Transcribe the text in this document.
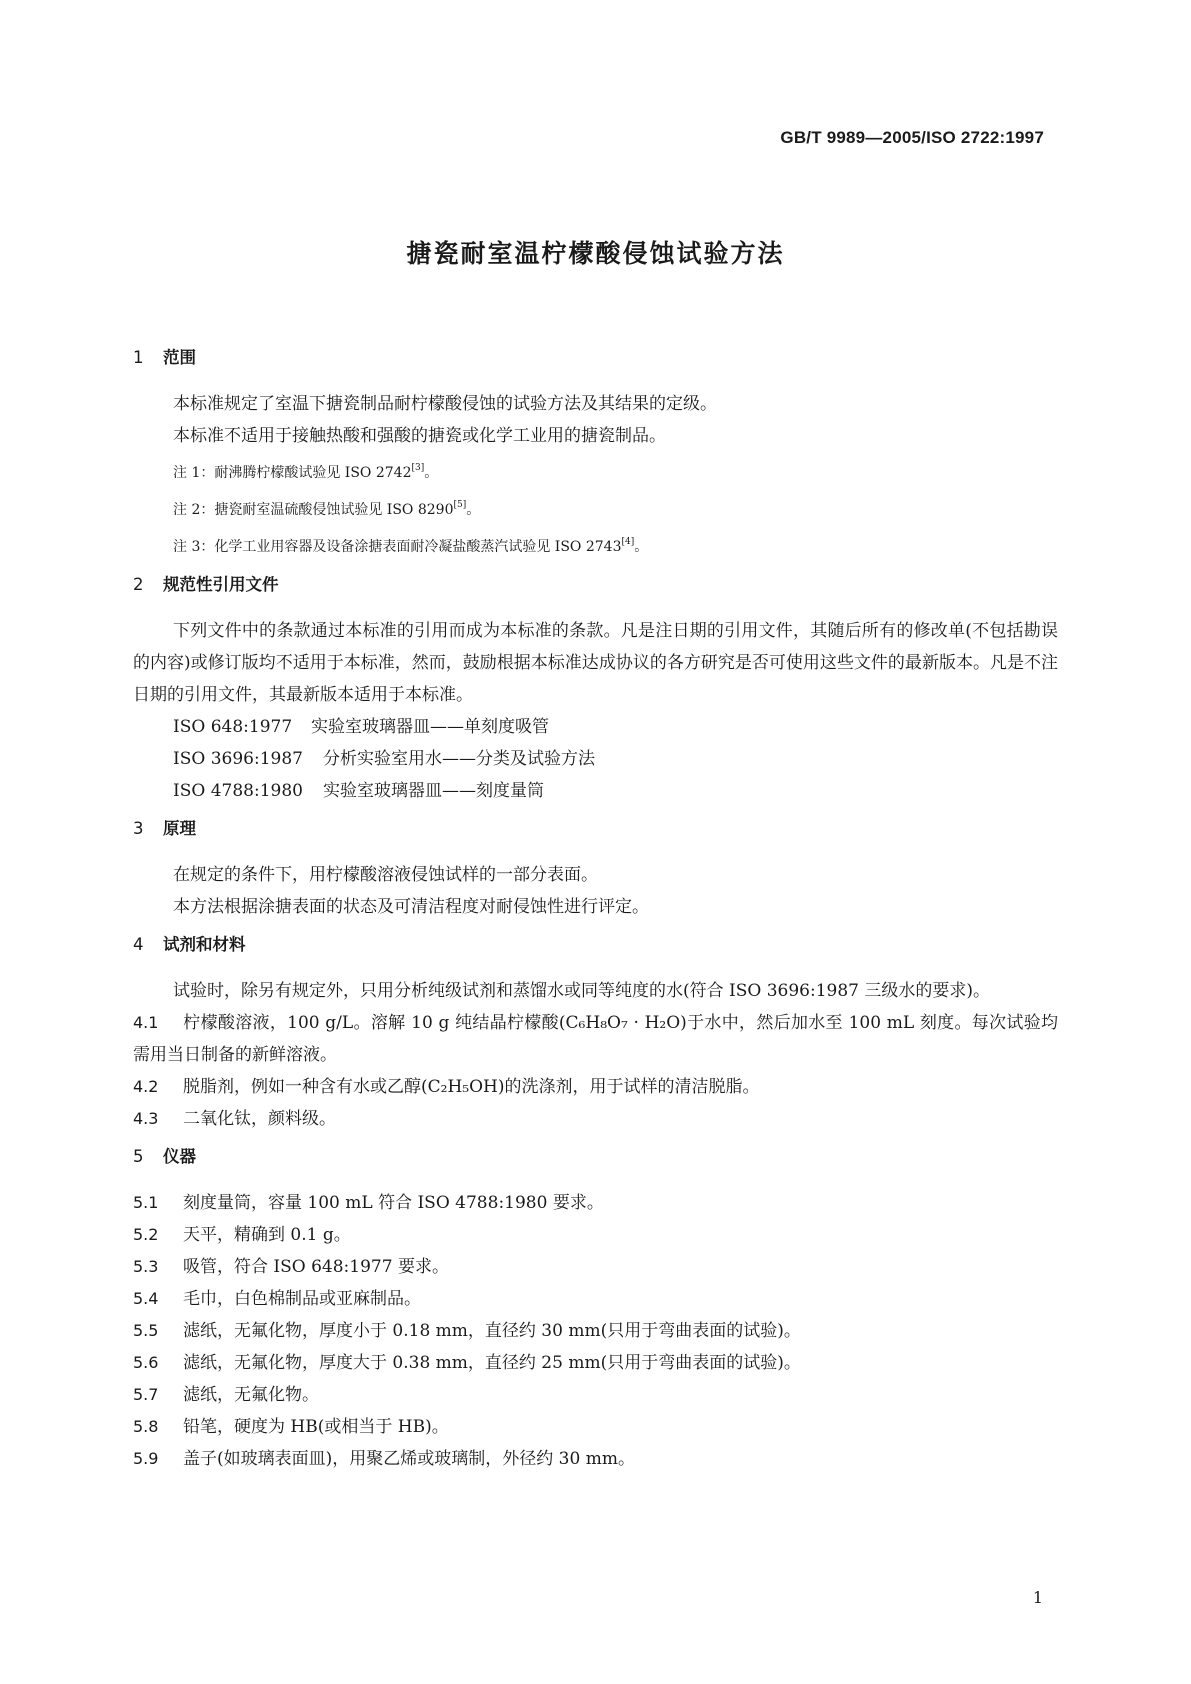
GB/T 9989—2005/ISO 2722:1997
搪瓷耐室温柠檬酸侵蚀试验方法
1 范围

本标准规定了室温下搪瓷制品耐柠檬酸侵蚀的试验方法及其结果的定级。

本标准不适用于接触热酸和强酸的搪瓷或化学工业用的搪瓷制品。

注 1：耐沸腾柠檬酸试验见 ISO 2742[3]。

注 2：搪瓷耐室温硫酸侵蚀试验见 ISO 8290[5]。

注 3：化学工业用容器及设备涂搪表面耐冷凝盐酸蒸汽试验见 ISO 2743[4]。

2 规范性引用文件

下列文件中的条款通过本标准的引用而成为本标准的条款。凡是注日期的引用文件，其随后所有的修改单(不包括勘误的内容)或修订版均不适用于本标准，然而，鼓励根据本标准达成协议的各方研究是否可使用这些文件的最新版本。凡是不注日期的引用文件，其最新版本适用于本标准。

ISO 648:1977 实验室玻璃器皿——单刻度吸管

ISO 3696:1987 分析实验室用水——分类及试验方法

ISO 4788:1980 实验室玻璃器皿——刻度量筒

3 原理

在规定的条件下，用柠檬酸溶液侵蚀试样的一部分表面。

本方法根据涂搪表面的状态及可清洁程度对耐侵蚀性进行评定。

4 试剂和材料

试验时，除另有规定外，只用分析纯级试剂和蒸馏水或同等纯度的水(符合 ISO 3696:1987 三级水的要求)。

4.1 柠檬酸溶液，100 g/L。溶解 10 g 纯结晶柠檬酸(C₆H₈O₇ · H₂O)于水中，然后加水至 100 mL 刻度。每次试验均需用当日制备的新鲜溶液。

4.2 脱脂剂，例如一种含有水或乙醇(C₂H₅OH)的洗涤剂，用于试样的清洁脱脂。

4.3 二氧化钛，颜料级。

5 仪器

5.1 刻度量筒，容量 100 mL 符合 ISO 4788:1980 要求。

5.2 天平，精确到 0.1 g。

5.3 吸管，符合 ISO 648:1977 要求。

5.4 毛巾，白色棉制品或亚麻制品。

5.5 滤纸，无氟化物，厚度小于 0.18 mm，直径约 30 mm(只用于弯曲表面的试验)。

5.6 滤纸，无氟化物，厚度大于 0.38 mm，直径约 25 mm(只用于弯曲表面的试验)。

5.7 滤纸，无氟化物。

5.8 铅笔，硬度为 HB(或相当于 HB)。

5.9 盖子(如玻璃表面皿)，用聚乙烯或玻璃制，外径约 30 mm。

1
